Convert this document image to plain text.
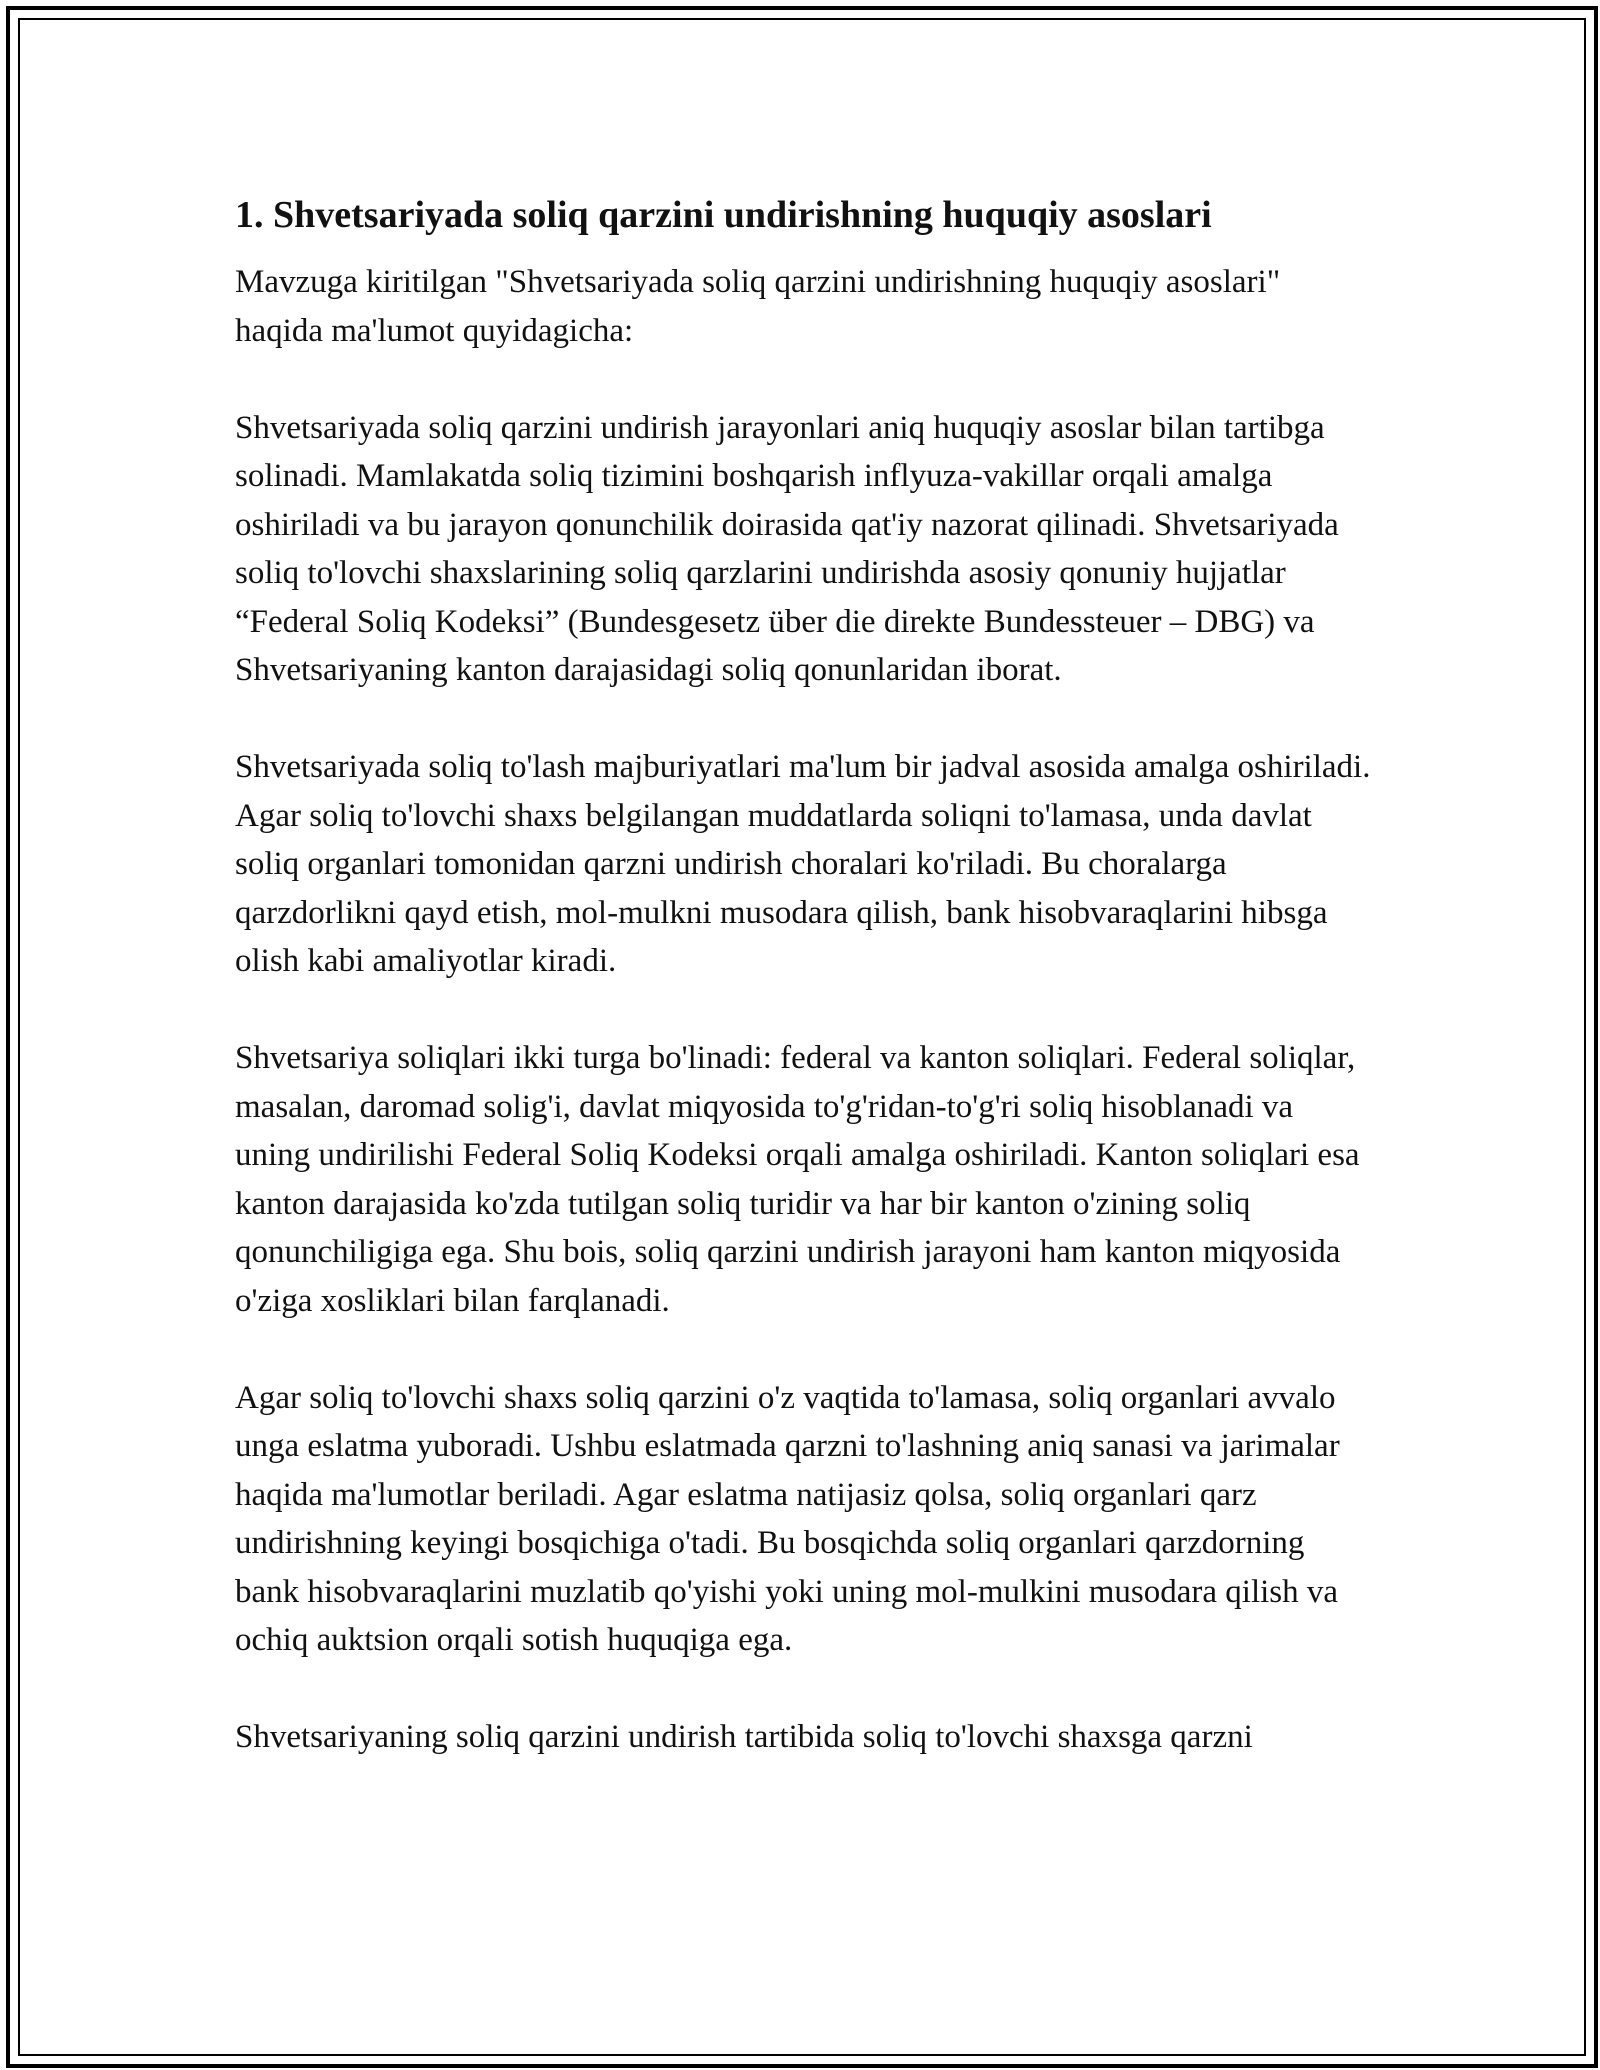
1. Shvetsariyada soliq qarzini undirishning huquqiy asoslari

Mavzuga kiritilgan "Shvetsariyada soliq qarzini undirishning huquqiy asoslari" haqida ma'lumot quyidagicha:

Shvetsariyada soliq qarzini undirish jarayonlari aniq huquqiy asoslar bilan tartibga solinadi. Mamlakatda soliq tizimini boshqarish inflyuza-vakillar orqali amalga oshiriladi va bu jarayon qonunchilik doirasida qat'iy nazorat qilinadi. Shvetsariyada soliq to'lovchi shaxslarining soliq qarzlarini undirishda asosiy qonuniy hujjatlar “Federal Soliq Kodeksi” (Bundesgesetz über die direkte Bundessteuer – DBG) va Shvetsariyaning kanton darajasidagi soliq qonunlaridan iborat.

Shvetsariyada soliq to'lash majburiyatlari ma'lum bir jadval asosida amalga oshiriladi. Agar soliq to'lovchi shaxs belgilangan muddatlarda soliqni to'lamasa, unda davlat soliq organlari tomonidan qarzni undirish choralari ko'riladi. Bu choralarga qarzdorlikni qayd etish, mol-mulkni musodara qilish, bank hisobvaraqlarini hibsga olish kabi amaliyotlar kiradi.

Shvetsariya soliqlari ikki turga bo'linadi: federal va kanton soliqlari. Federal soliqlar, masalan, daromad solig'i, davlat miqyosida to'g'ridan-to'g'ri soliq hisoblanadi va uning undirilishi Federal Soliq Kodeksi orqali amalga oshiriladi. Kanton soliqlari esa kanton darajasida ko'zda tutilgan soliq turidir va har bir kanton o'zining soliq qonunchiligiga ega. Shu bois, soliq qarzini undirish jarayoni ham kanton miqyosida o'ziga xosliklari bilan farqlanadi.

Agar soliq to'lovchi shaxs soliq qarzini o'z vaqtida to'lamasa, soliq organlari avvalo unga eslatma yuboradi. Ushbu eslatmada qarzni to'lashning aniq sanasi va jarimalar haqida ma'lumotlar beriladi. Agar eslatma natijasiz qolsa, soliq organlari qarz undirishning keyingi bosqichiga o'tadi. Bu bosqichda soliq organlari qarzdorning bank hisobvaraqlarini muzlatib qo'yishi yoki uning mol-mulkini musodara qilish va ochiq auktsion orqali sotish huquqiga ega.

Shvetsariyaning soliq qarzini undirish tartibida soliq to'lovchi shaxsga qarzni
